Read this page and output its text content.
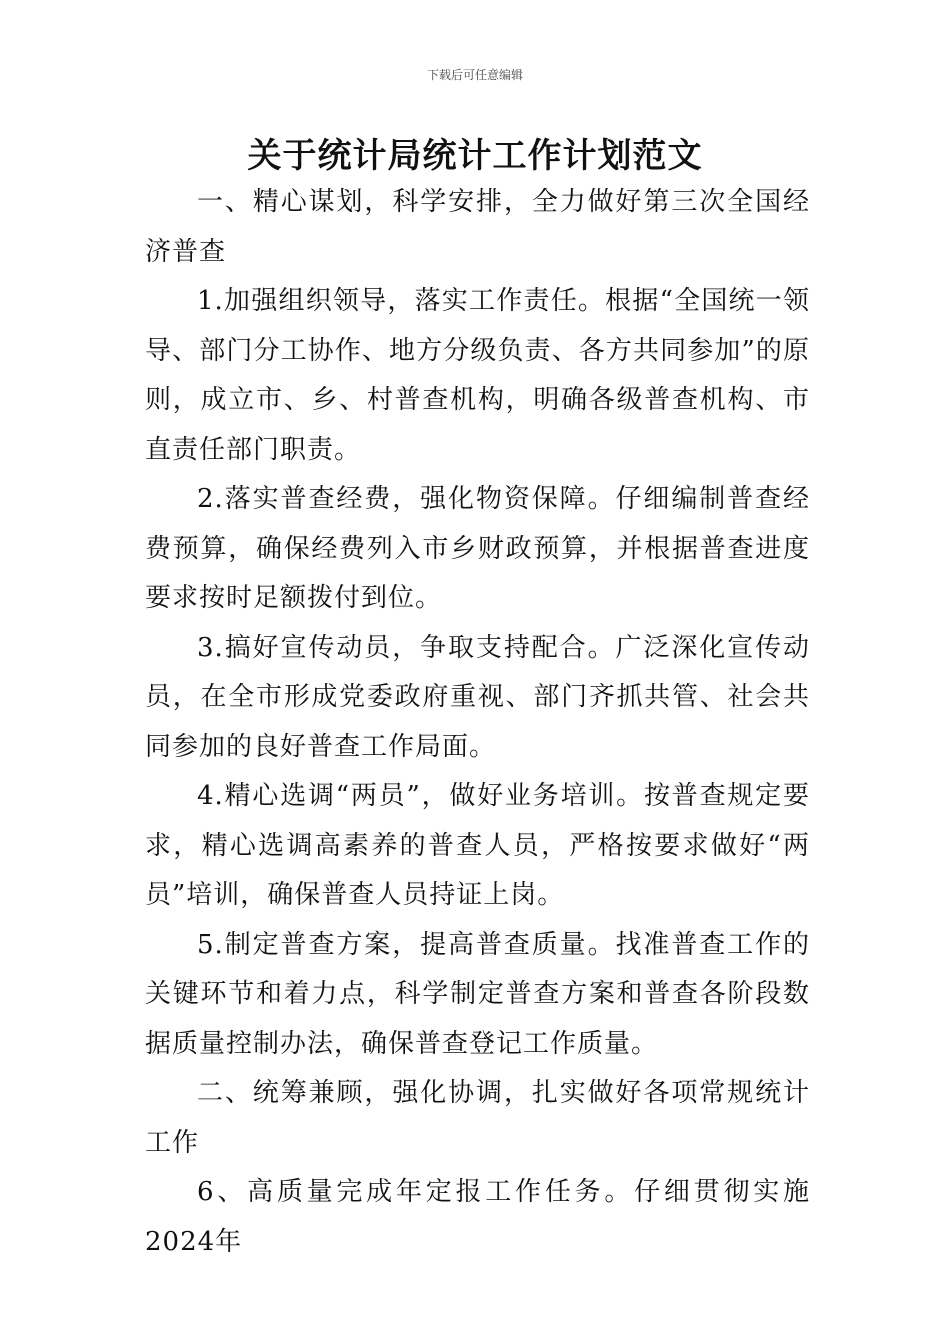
下载后可任意编辑
关于统计局统计工作计划范文

一、精心谋划，科学安排，全力做好第三次全国经济普查

1.加强组织领导，落实工作责任。根据“全国统一领导、部门分工协作、地方分级负责、各方共同参加”的原则，成立市、乡、村普查机构，明确各级普查机构、市直责任部门职责。

2.落实普查经费，强化物资保障。仔细编制普查经费预算，确保经费列入市乡财政预算，并根据普查进度要求按时足额拨付到位。

3.搞好宣传动员，争取支持配合。广泛深化宣传动员，在全市形成党委政府重视、部门齐抓共管、社会共同参加的良好普查工作局面。

4.精心选调“两员”，做好业务培训。按普查规定要求，精心选调高素养的普查人员，严格按要求做好“两员”培训，确保普查人员持证上岗。

5.制定普查方案，提高普查质量。找准普查工作的关键环节和着力点，科学制定普查方案和普查各阶段数据质量控制办法，确保普查登记工作质量。

二、统筹兼顾，强化协调，扎实做好各项常规统计工作

6、高质量完成年定报工作任务。仔细贯彻实施2024年
